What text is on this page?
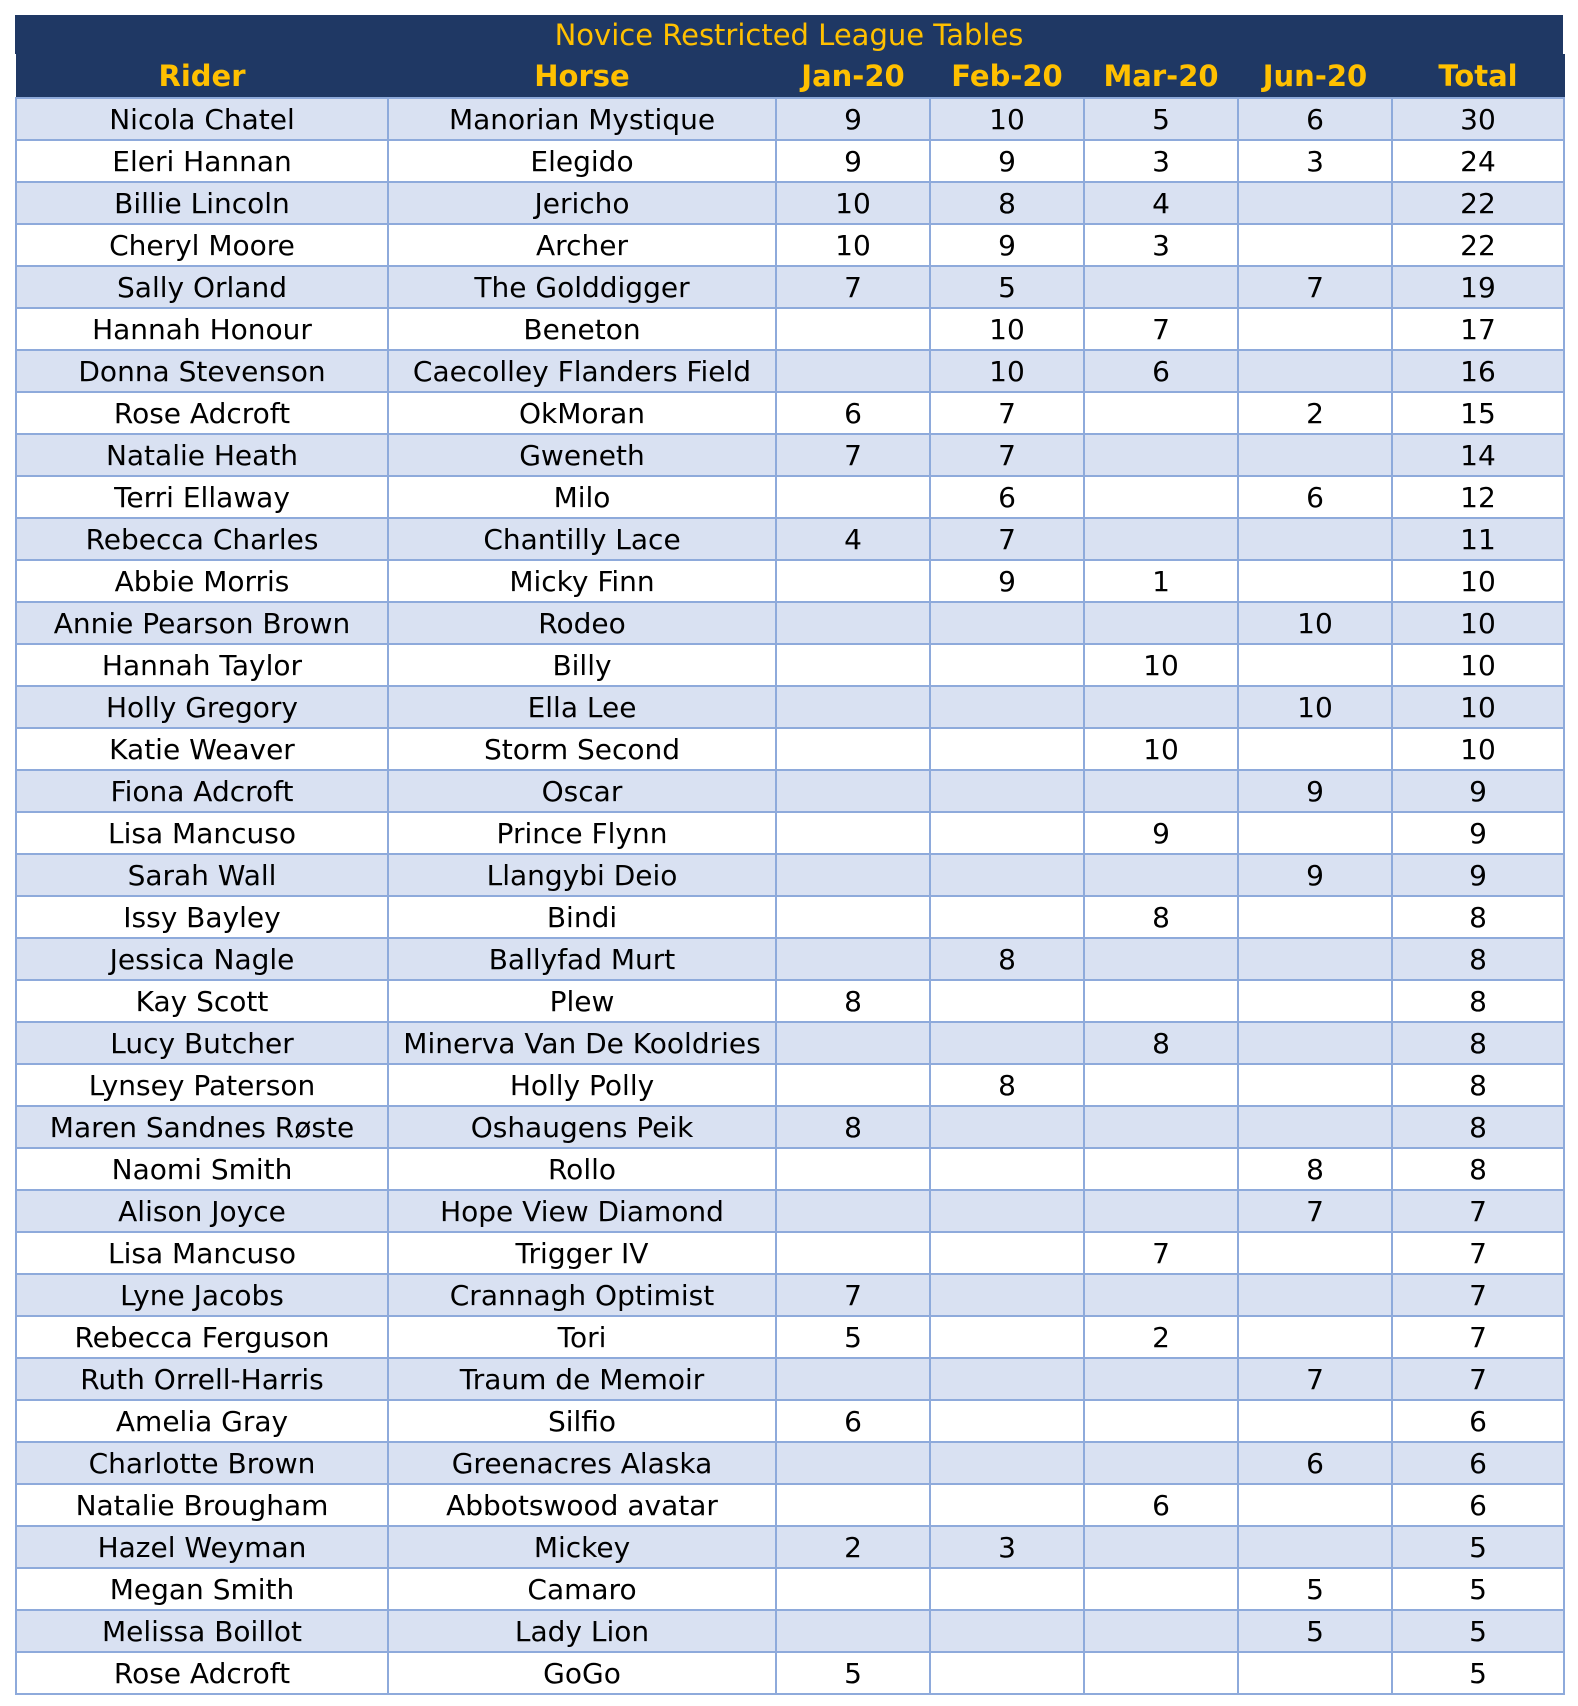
Novice Restricted League Tables
Rider	Horse	Jan-20	Feb-20	Mar-20	Jun-20	Total
Nicola Chatel	Manorian Mystique	9	10	5	6	30
Eleri Hannan	Elegido	9	9	3	3	24
Billie Lincoln	Jericho	10	8	4		22
Cheryl Moore	Archer	10	9	3		22
Sally Orland	The Golddigger	7	5		7	19
Hannah Honour	Beneton		10	7		17
Donna Stevenson	Caecolley Flanders Field		10	6		16
Rose Adcroft	OkMoran	6	7		2	15
Natalie Heath	Gweneth	7	7			14
Terri Ellaway	Milo		6		6	12
Rebecca Charles	Chantilly Lace	4	7			11
Abbie Morris	Micky Finn		9	1		10
Annie Pearson Brown	Rodeo				10	10
Hannah Taylor	Billy			10		10
Holly Gregory	Ella Lee				10	10
Katie Weaver	Storm Second			10		10
Fiona Adcroft	Oscar				9	9
Lisa Mancuso	Prince Flynn			9		9
Sarah Wall	Llangybi Deio				9	9
Issy Bayley	Bindi			8		8
Jessica Nagle	Ballyfad Murt		8			8
Kay Scott	Plew	8				8
Lucy Butcher	Minerva Van De Kooldries			8		8
Lynsey Paterson	Holly Polly		8			8
Maren Sandnes Røste	Oshaugens Peik	8				8
Naomi Smith	Rollo				8	8
Alison Joyce	Hope View Diamond				7	7
Lisa Mancuso	Trigger IV			7		7
Lyne Jacobs	Crannagh Optimist	7				7
Rebecca Ferguson	Tori	5		2		7
Ruth Orrell-Harris	Traum de Memoir				7	7
Amelia Gray	Silfio	6				6
Charlotte Brown	Greenacres Alaska				6	6
Natalie Brougham	Abbotswood avatar			6		6
Hazel Weyman	Mickey	2	3			5
Megan Smith	Camaro				5	5
Melissa Boillot	Lady Lion				5	5
Rose Adcroft	GoGo	5				5
